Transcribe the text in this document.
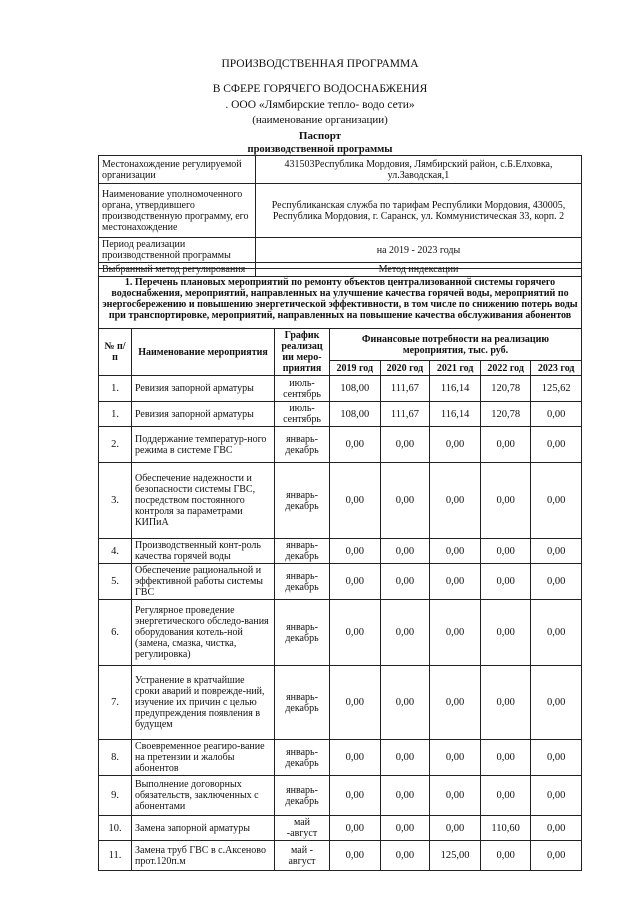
ПРОИЗВОДСТВЕННАЯ ПРОГРАММА
В СФЕРЕ ГОРЯЧЕГО ВОДОСНАБЖЕНИЯ
. ООО «Лямбирские тепло- водо сети»
(наименование организации)
Паспорт
производственной программы
Местонахождение регулируемой организации	431503Республика Мордовия, Лямбирский район, с.Б.Елховка, ул.Заводская,1
Наименование уполномоченного органа, утвердившего производственную программу, его местонахождение	Республиканская служба по тарифам Республики Мордовия, 430005, Республика Мордовия, г. Саранск, ул. Коммунистическая 33, корп. 2
Период реализации производственной программы	на 2019 - 2023 годы
Выбранный метод регулирования	Метод индексации
1. Перечень плановых мероприятий по ремонту объектов централизованной системы горячего водоснабжения, мероприятий, направленных на улучшение качества горячей воды, мероприятий по энергосбережению и повышению энергетической эффективности, в том числе по снижению потерь воды при транспортировке, мероприятий, направленных на повышение качества обслуживания абонентов							
№ п/п	Наименование мероприятия	График реализац ии меро- приятия	Финансовые потребности на реализацию мероприятия, тыс. руб.				
			2019 год	2020 год	2021 год	2022 год	2023 год
1.	Ревизия запорной арматуры	июль-сентябрь	108,00	111,67	116,14	120,78	125,62
1.	Ревизия запорной арматуры	июль-сентябрь	108,00	111,67	116,14	120,78	0,00
2.	Поддержание температур-ного режима в системе ГВС	январь-декабрь	0,00	0,00	0,00	0,00	0,00
3.	Обеспечение надежности и безопасности системы ГВС, посредством постоянного контроля за параметрами КИПиА	январь-декабрь	0,00	0,00	0,00	0,00	0,00
4.	Производственный конт-роль качества горячей воды	январь-декабрь	0,00	0,00	0,00	0,00	0,00
5.	Обеспечение рациональной и эффективной работы системы ГВС	январь-декабрь	0,00	0,00	0,00	0,00	0,00
6.	Регулярное проведение энергетического обследо-вания оборудования котель-ной (замена, смазка, чистка, регулировка)	январь-декабрь	0,00	0,00	0,00	0,00	0,00
7.	Устранение в кратчайшие сроки аварий и поврежде-ний, изучение их причин с целью предупреждения появления в будущем	январь-декабрь	0,00	0,00	0,00	0,00	0,00
8.	Своевременное реагиро-вание на претензии и жалобы абонентов	январь-декабрь	0,00	0,00	0,00	0,00	0,00
9.	Выполнение договорных обязательств, заключенных с абонентами	январь-декабрь	0,00	0,00	0,00	0,00	0,00
10.	Замена запорной арматуры	май -август	0,00	0,00	0,00	110,60	0,00
11.	Замена труб ГВС в с.Аксеново прот.120п.м	май - август	0,00	0,00	125,00	0,00	0,00
